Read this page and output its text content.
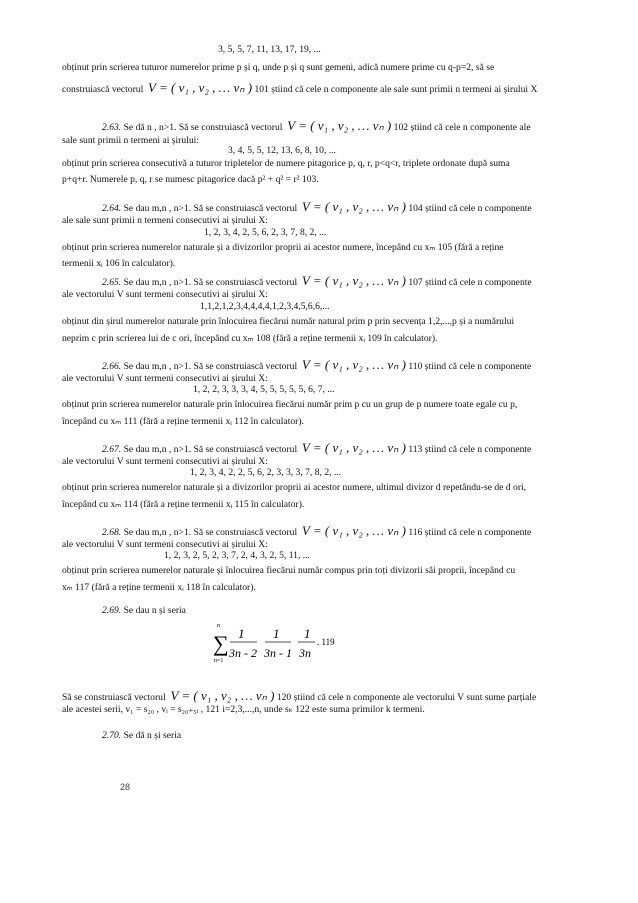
3, 5, 5, 7, 11, 13, 17, 19, ...
obținut prin scrierea tuturor numerelor prime p și q, unde p și q sunt gemeni, adică numere prime cu q-p=2, să se
construiască vectorul V = ( v₁ , v₂ , … vₙ ) 101 știind că cele n componente ale sale sunt primii n termeni ai șirului X
2.63. Se dă n , n>1. Să se construiască vectorul V = ( v₁ , v₂ , … vₙ ) 102 știind că cele n componente ale
sale sunt primii n termeni ai șirului:
3, 4, 5, 5, 12, 13, 6, 8, 10, ...
obținut prin scrierea consecutivă a tuturor tripletelor de numere pitagorice p, q, r, p<q<r, triplete ordonate după suma
p+q+r. Numerele p, q, r se numesc pitagorice dacă p² + q² = r² 103.
2.64. Se dau m,n , n>1. Să se construiască vectorul V = ( v₁ , v₂ , … vₙ ) 104 știind că cele n componente
ale sale sunt primii n termeni consecutivi ai șirului X:
1, 2, 3, 4, 2, 5, 6, 2, 3, 7, 8, 2, ...
obținut prin scrierea numerelor naturale și a divizorilor proprii ai acestor numere, începând cu xₘ 105 (fără a reține
termenii xᵢ 106 în calculator).
2.65. Se dau m,n , n>1. Să se construiască vectorul V = ( v₁ , v₂ , … vₙ ) 107 știind că cele n componente
ale vectorului V sunt termeni consecutivi ai șirului X:
1,1,2,1,2,3,4,4,4,4,1,2,3,4,5,6,6,...
obținut din șirul numerelor naturale prin înlocuirea fiecărui număr natural prim p prin secvența 1,2,...,p și a numărului
neprim c prin scrierea lui de c ori, începând cu xₘ 108 (fără a reține termenii xᵢ 109 în calculator).
2.66. Se dau m,n , n>1. Să se construiască vectorul V = ( v₁ , v₂ , … vₙ ) 110 știind că cele n componente
ale vectorului V sunt termeni consecutivi ai șirului X:
1, 2, 2, 3, 3, 3, 4, 5, 5, 5, 5, 5, 6, 7, ...
obținut prin scrierea numerelor naturale prin înlocuirea fiecărui număr prim p cu un grup de p numere toate egale cu p,
începând cu xₘ 111 (fără a reține termenii xᵢ 112 în calculator).
2.67. Se dau m,n , n>1. Să se construiască vectorul V = ( v₁ , v₂ , … vₙ ) 113 știind că cele n componente
ale vectorului V sunt termeni consecutivi ai șirului X:
1, 2, 3, 4, 2, 2, 5, 6, 2, 3, 3, 3, 7, 8, 2, ...
obținut prin scrierea numerelor naturale și a divizorilor proprii ai acestor numere, ultimul divizor d repetându-se de d ori,
începând cu xₘ 114 (fără a reține termenii xᵢ 115 în calculator).
2.68. Se dau m,n , n>1. Să se construiască vectorul V = ( v₁ , v₂ , … vₙ ) 116 știind că cele n componente
ale vectorului V sunt termeni consecutivi ai șirului X:
1, 2, 3, 2, 5, 2, 3, 7, 2, 4, 3, 2, 5, 11, ...
obținut prin scrierea numerelor naturale și înlocuirea fiecărui număr compus prin toți divizorii săi proprii, începând cu
xₘ 117 (fără a reține termenii xᵢ 118 în calculator).
2.69. Se dau n și seria
n
∑
n=1
1
3n - 2
1
3n - 1
1
3n
. 119
Să se construiască vectorul V = ( v₁ , v₂ , … vₙ ) 120 știind că cele n componente ale vectorului V sunt sume parțiale
ale acestei serii, v₁ = s₂₀ , vᵢ = s₂₀₊₅ᵢ , 121 i=2,3,...,n, unde sₖ 122 este suma primilor k termeni.
2.70. Se dă n și seria
28
